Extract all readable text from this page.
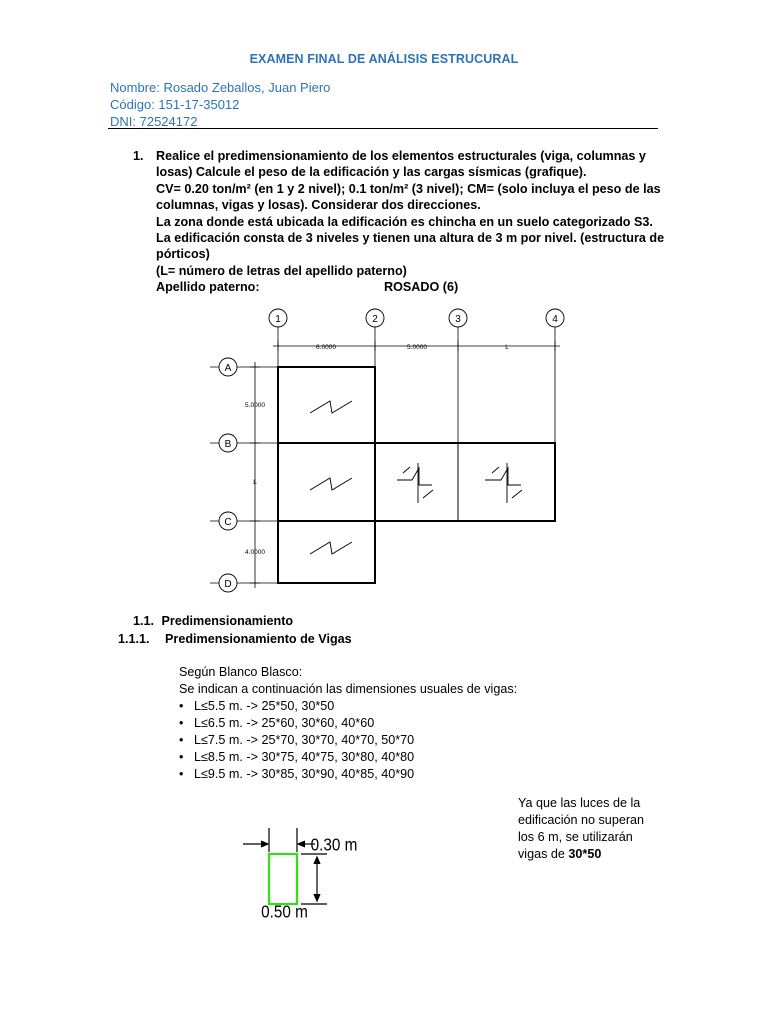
EXAMEN FINAL DE ANÁLISIS ESTRUCURAL
Nombre: Rosado Zeballos, Juan Piero
Código: 151-17-35012
DNI: 72524172
1. Realice el predimensionamiento de los elementos estructurales (viga, columnas y losas) Calcule el peso de la edificación y las cargas sísmicas (grafique).
CV= 0.20 ton/m² (en 1 y 2 nivel); 0.1 ton/m² (3 nivel); CM= (solo incluya el peso de las columnas, vigas y losas). Considerar dos direcciones.
La zona donde está ubicada la edificación es chincha en un suelo categorizado S3.
La edificación consta de 3 niveles y tienen una altura de 3 m por nivel. (estructura de pórticos)
(L= número de letras del apellido paterno)
Apellido paterno:	ROSADO (6)
1	2	3	4
A
B
C
D
6.0000	5.0000	L
5.0000
L
4.0000
1.1. Predimensionamiento
1.1.1. Predimensionamiento de Vigas
Según Blanco Blasco:
Se indican a continuación las dimensiones usuales de vigas:
• L≤5.5 m. -> 25*50, 30*50
• L≤6.5 m. -> 25*60, 30*60, 40*60
• L≤7.5 m. -> 25*70, 30*70, 40*70, 50*70
• L≤8.5 m. -> 30*75, 40*75, 30*80, 40*80
• L≤9.5 m. -> 30*85, 30*90, 40*85, 40*90
0.30 m
0.50 m
Ya que las luces de la edificación no superan los 6 m, se utilizarán vigas de 30*50
